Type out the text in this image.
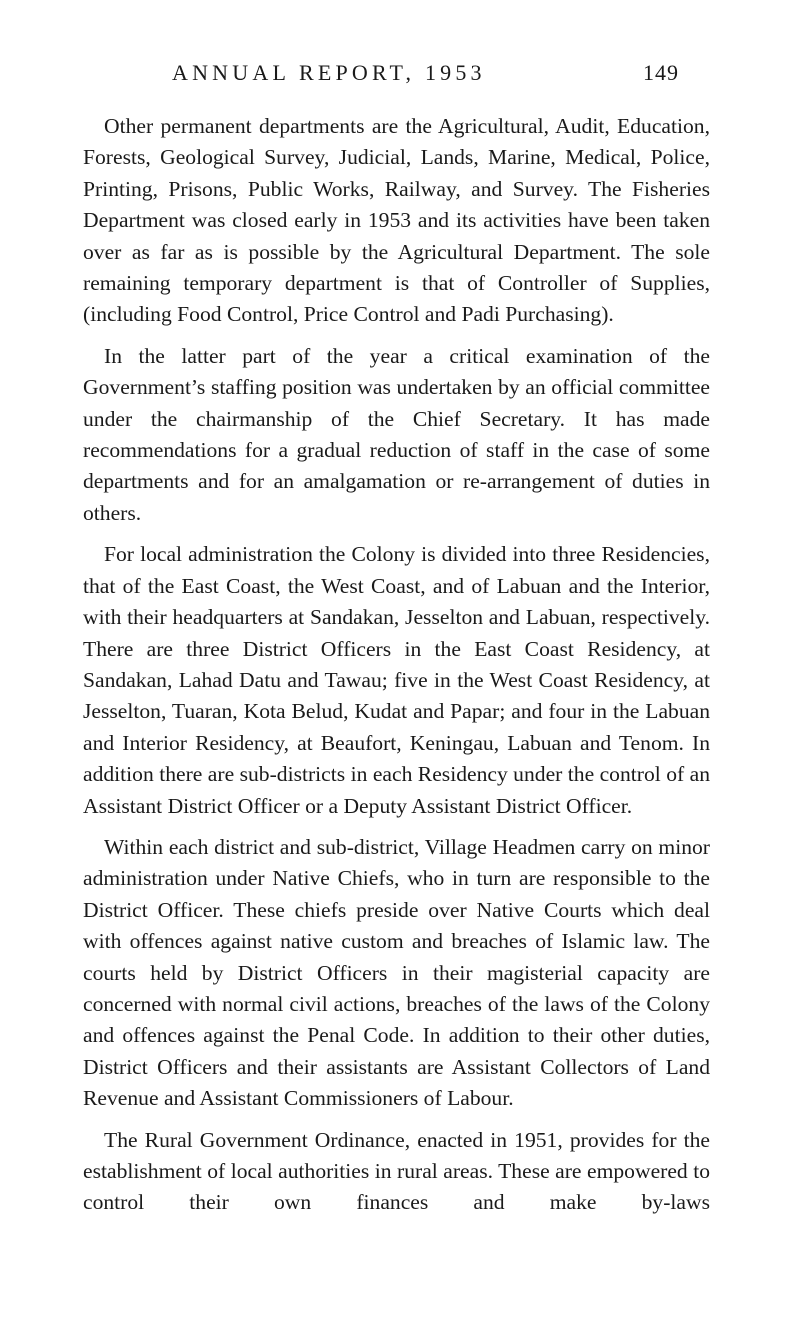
ANNUAL REPORT, 1953	149

Other permanent departments are the Agricultural, Audit, Education, Forests, Geological Survey, Judicial, Lands, Marine, Medical, Police, Printing, Prisons, Public Works, Railway, and Survey. The Fisheries Department was closed early in 1953 and its activities have been taken over as far as is possible by the Agricultural Department. The sole remaining temporary department is that of Controller of Supplies, (including Food Control, Price Control and Padi Purchasing).

In the latter part of the year a critical examination of the Government’s staffing position was undertaken by an official committee under the chairmanship of the Chief Secretary. It has made recommendations for a gradual reduction of staff in the case of some departments and for an amalgamation or re-arrangement of duties in others.

For local administration the Colony is divided into three Residencies, that of the East Coast, the West Coast, and of Labuan and the Interior, with their headquarters at Sandakan, Jesselton and Labuan, respectively. There are three District Officers in the East Coast Residency, at Sandakan, Lahad Datu and Tawau; five in the West Coast Residency, at Jesselton, Tuaran, Kota Belud, Kudat and Papar; and four in the Labuan and Interior Residency, at Beaufort, Keningau, Labuan and Tenom. In addition there are sub-districts in each Residency under the control of an Assistant District Officer or a Deputy Assistant District Officer.

Within each district and sub-district, Village Headmen carry on minor administration under Native Chiefs, who in turn are responsible to the District Officer. These chiefs preside over Native Courts which deal with offences against native custom and breaches of Islamic law. The courts held by District Officers in their magisterial capacity are concerned with normal civil actions, breaches of the laws of the Colony and offences against the Penal Code. In addition to their other duties, District Officers and their assistants are Assistant Collectors of Land Revenue and Assistant Commissioners of Labour.

The Rural Government Ordinance, enacted in 1951, provides for the establishment of local authorities in rural areas. These are empowered to control their own finances and make by-laws
